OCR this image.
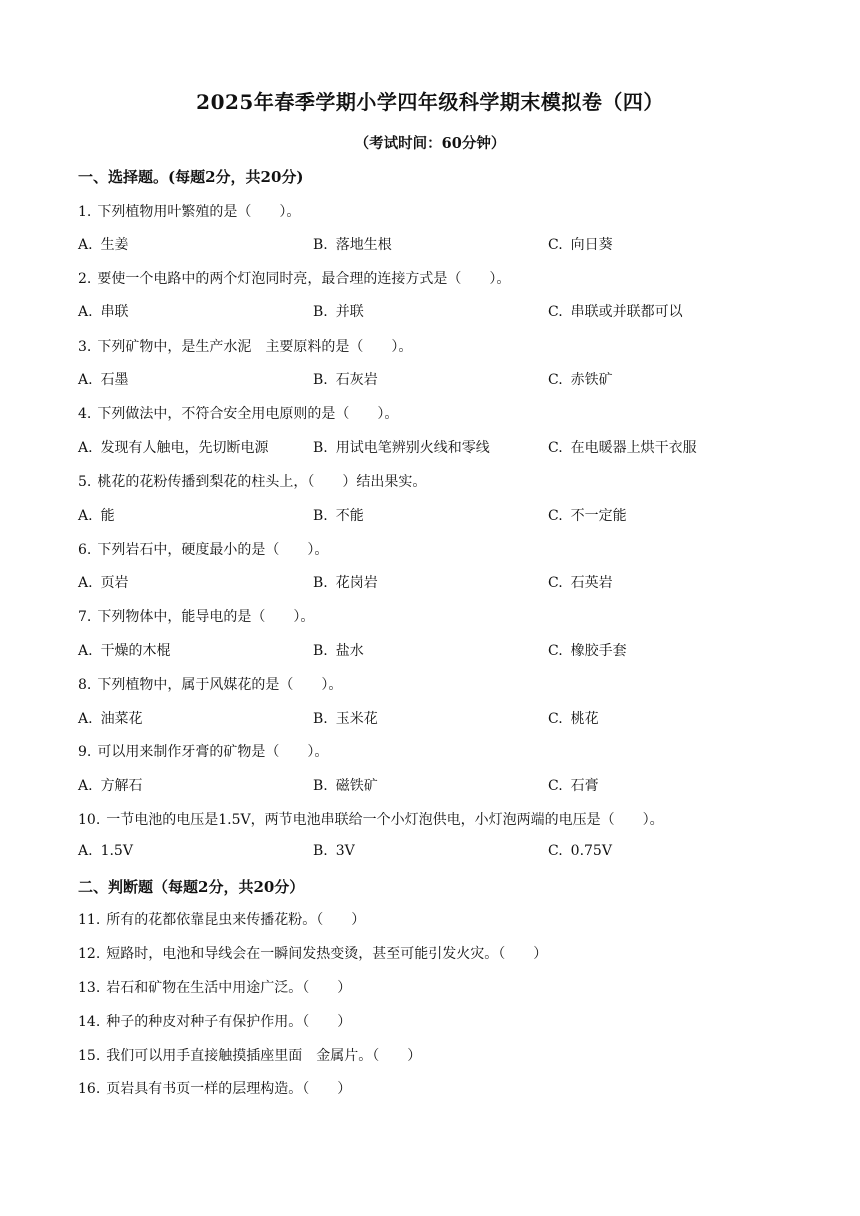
2025年春季学期小学四年级科学期末模拟卷（四）
（考试时间：60分钟）
一、选择题。(每题2分，共20分)
1. 下列植物用叶繁殖的是（　　）。
A. 生姜	B. 落地生根	C. 向日葵
2. 要使一个电路中的两个灯泡同时亮，最合理的连接方式是（　　）。
A. 串联	B. 并联	C. 串联或并联都可以
3. 下列矿物中，是生产水泥　主要原料的是（　　）。
A. 石墨	B. 石灰岩	C. 赤铁矿
4. 下列做法中，不符合安全用电原则的是（　　）。
A. 发现有人触电，先切断电源	B. 用试电笔辨别火线和零线	C. 在电暖器上烘干衣服
5. 桃花的花粉传播到梨花的柱头上，（　　）结出果实。
A. 能	B. 不能	C. 不一定能
6. 下列岩石中，硬度最小的是（　　）。
A. 页岩	B. 花岗岩	C. 石英岩
7. 下列物体中，能导电的是（　　）。
A. 干燥的木棍	B. 盐水	C. 橡胶手套
8. 下列植物中，属于风媒花的是（　　）。
A. 油菜花	B. 玉米花	C. 桃花
9. 可以用来制作牙膏的矿物是（　　）。
A. 方解石	B. 磁铁矿	C. 石膏
10. 一节电池的电压是1.5V，两节电池串联给一个小灯泡供电，小灯泡两端的电压是（　　）。
A. 1.5V	B. 3V	C. 0.75V
二、判断题（每题2分，共20分）
11. 所有的花都依靠昆虫来传播花粉。（　　）
12. 短路时，电池和导线会在一瞬间发热变烫，甚至可能引发火灾。（　　）
13. 岩石和矿物在生活中用途广泛。（　　）
14. 种子的种皮对种子有保护作用。（　　）
15. 我们可以用手直接触摸插座里面　金属片。（　　）
16. 页岩具有书页一样的层理构造。（　　）
